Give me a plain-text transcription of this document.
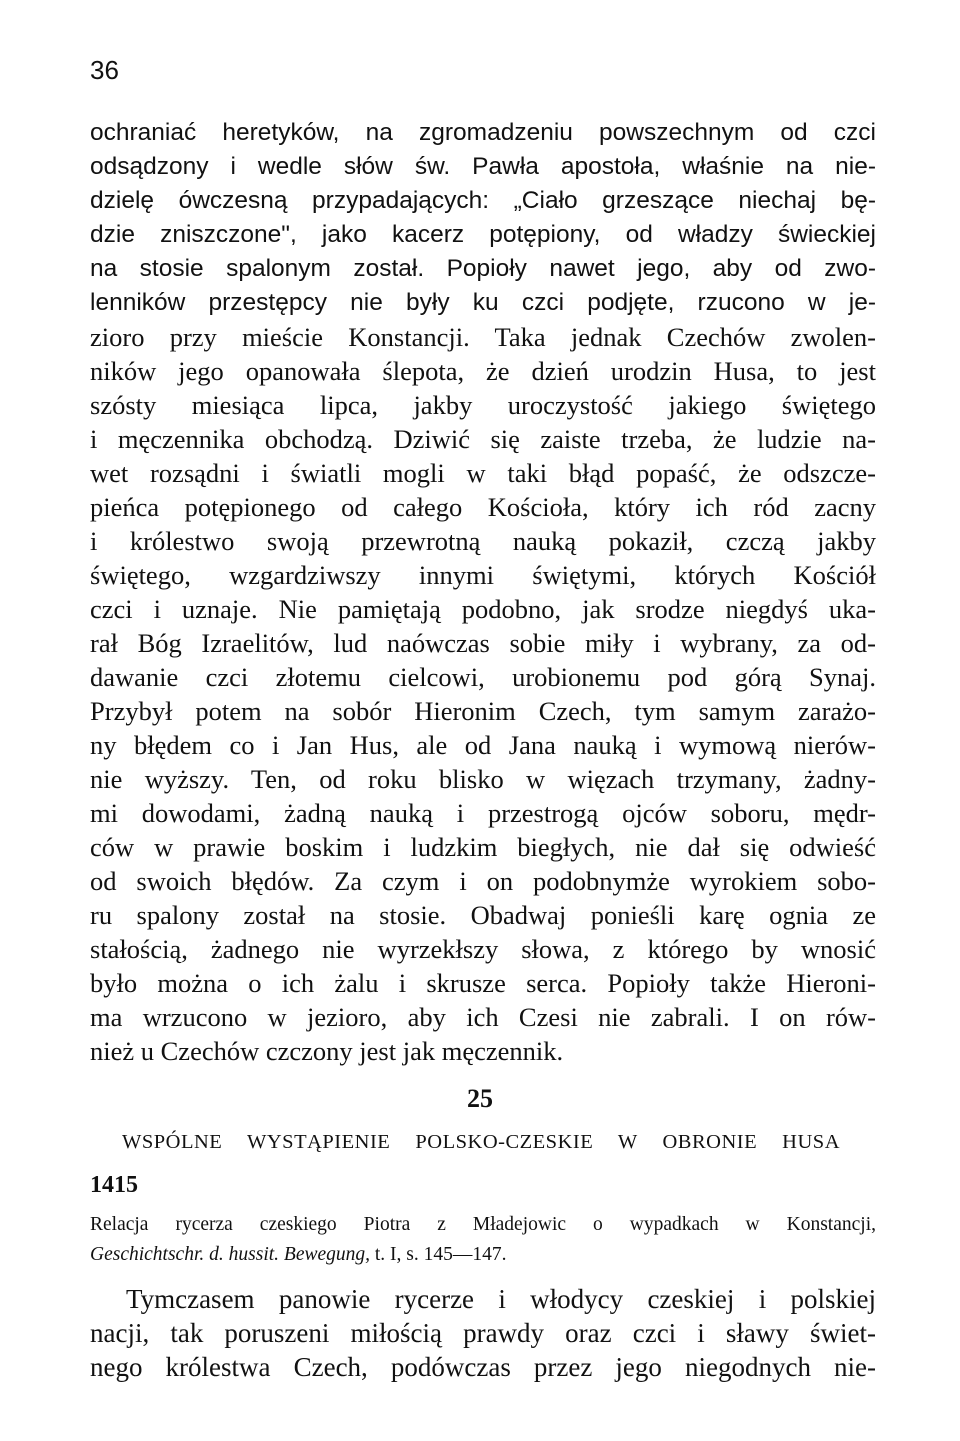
36
ochraniać heretyków, na zgromadzeniu powszechnym od czci
odsądzony i wedle słów św. Pawła apostoła, właśnie na nie-
dzielę ówczesną przypadających: „Ciało grzeszące niechaj bę-
dzie zniszczone", jako kacerz potępiony, od władzy świeckiej
na stosie spalonym został. Popioły nawet jego, aby od zwo-
lenników przestępcy nie były ku czci podjęte, rzucono w je-
zioro przy mieście Konstancji. Taka jednak Czechów zwolen-
ników jego opanowała ślepota, że dzień urodzin Husa, to jest
szósty miesiąca lipca, jakby uroczystość jakiego świętego
i męczennika obchodzą. Dziwić się zaiste trzeba, że ludzie na-
wet rozsądni i światli mogli w taki błąd popaść, że odszcze-
pieńca potępionego od całego Kościoła, który ich ród zacny
i królestwo swoją przewrotną nauką pokaził, czczą jakby
świętego, wzgardziwszy innymi świętymi, których Kościół
czci i uznaje. Nie pamiętają podobno, jak srodze niegdyś uka-
rał Bóg Izraelitów, lud naówczas sobie miły i wybrany, za od-
dawanie czci złotemu cielcowi, urobionemu pod górą Synaj.
Przybył potem na sobór Hieronim Czech, tym samym zarażo-
ny błędem co i Jan Hus, ale od Jana nauką i wymową nierów-
nie wyższy. Ten, od roku blisko w więzach trzymany, żadny-
mi dowodami, żadną nauką i przestrogą ojców soboru, mędr-
ców w prawie boskim i ludzkim biegłych, nie dał się odwieść
od swoich błędów. Za czym i on podobnymże wyrokiem sobo-
ru spalony został na stosie. Obadwaj ponieśli karę ognia ze
stałością, żadnego nie wyrzekłszy słowa, z którego by wnosić
było można o ich żalu i skrusze serca. Popioły także Hieroni-
ma wrzucono w jezioro, aby ich Czesi nie zabrali. I on rów-
nież u Czechów czczony jest jak męczennik.
25
WSPÓLNE WYSTĄPIENIE POLSKO-CZESKIE W OBRONIE HUSA
1415
Relacja rycerza czeskiego Piotra z Mładejowic o wypadkach w Konstancji,
Geschichtschr. d. hussit. Bewegung, t. I, s. 145—147.
Tymczasem panowie rycerze i włodycy czeskiej i polskiej
nacji, tak poruszeni miłością prawdy oraz czci i sławy świet-
nego królestwa Czech, podówczas przez jego niegodnych nie-
